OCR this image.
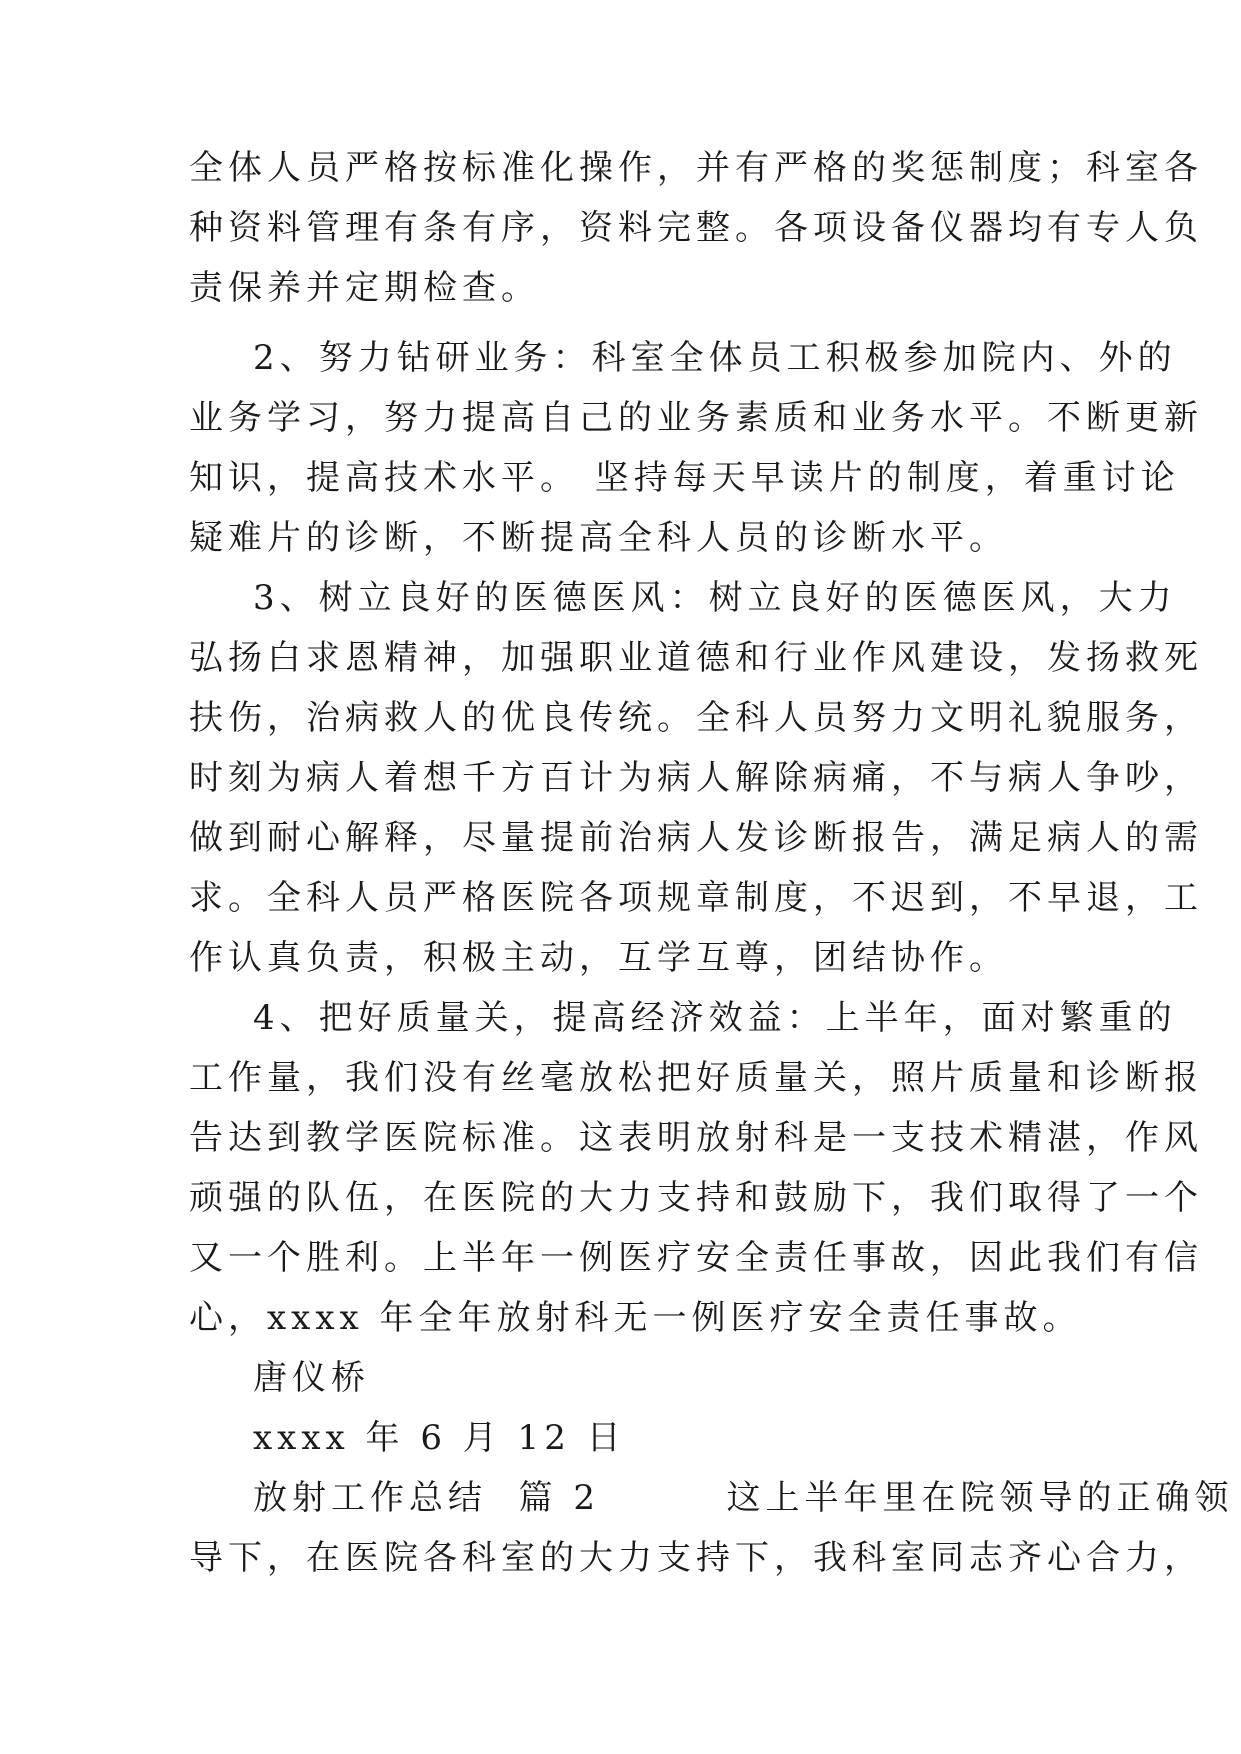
全体人员严格按标准化操作，并有严格的奖惩制度；科室各
种资料管理有条有序，资料完整。各项设备仪器均有专人负
责保养并定期检查。
2、努力钻研业务：科室全体员工积极参加院内、外的
业务学习，努力提高自己的业务素质和业务水平。不断更新
知识，提高技术水平。 坚持每天早读片的制度，着重讨论
疑难片的诊断，不断提高全科人员的诊断水平。
3、树立良好的医德医风：树立良好的医德医风，大力
弘扬白求恩精神，加强职业道德和行业作风建设，发扬救死
扶伤，治病救人的优良传统。全科人员努力文明礼貌服务，
时刻为病人着想千方百计为病人解除病痛，不与病人争吵，
做到耐心解释，尽量提前治病人发诊断报告，满足病人的需
求。全科人员严格医院各项规章制度，不迟到，不早退，工
作认真负责，积极主动，互学互尊，团结协作。
4、把好质量关，提高经济效益：上半年，面对繁重的
工作量，我们没有丝毫放松把好质量关，照片质量和诊断报
告达到教学医院标准。这表明放射科是一支技术精湛，作风
顽强的队伍，在医院的大力支持和鼓励下，我们取得了一个
又一个胜利。上半年一例医疗安全责任事故，因此我们有信
心，xxxx 年全年放射科无一例医疗安全责任事故。
唐仪桥
xxxx 年 6 月 12 日
放射工作总结  篇 2        这上半年里在院领导的正确领
导下，在医院各科室的大力支持下，我科室同志齐心合力，
